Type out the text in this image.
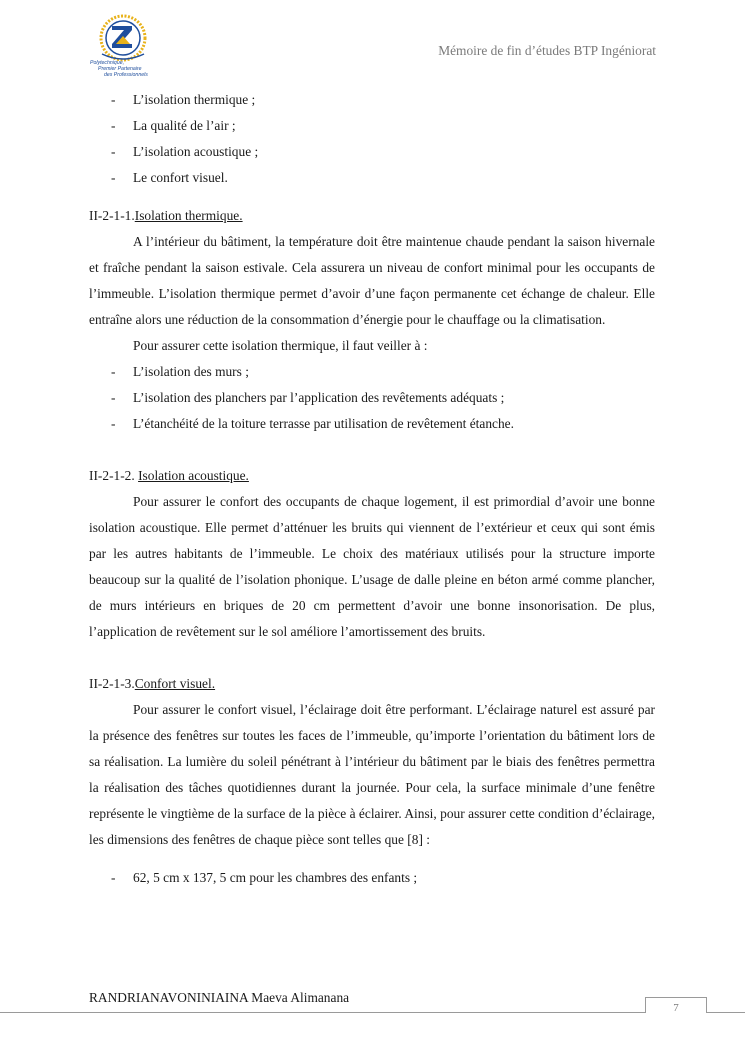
Polytechnique,
Premier Partenaire
des Professionnels
Mémoire de fin d’études BTP Ingéniorat
- L’isolation thermique ;
- La qualité de l’air ;
- L’isolation acoustique ;
- Le confort visuel.
II-2-1-1.Isolation thermique.

A l’intérieur du bâtiment, la température doit être maintenue chaude pendant la saison hivernale et fraîche pendant la saison estivale. Cela assurera un niveau de confort minimal pour les occupants de l’immeuble. L’isolation thermique permet d’avoir d’une façon permanente cet échange de chaleur. Elle entraîne alors une réduction de la consommation d’énergie pour le chauffage ou la climatisation.

Pour assurer cette isolation thermique, il faut veiller à :
- L’isolation des murs ;
- L’isolation des planchers par l’application des revêtements adéquats ;
- L’étanchéité de la toiture terrasse par utilisation de revêtement étanche.
II-2-1-2. Isolation acoustique.

Pour assurer le confort des occupants de chaque logement, il est primordial d’avoir une bonne isolation acoustique. Elle permet d’atténuer les bruits qui viennent de l’extérieur et ceux qui sont émis par les autres habitants de l’immeuble. Le choix des matériaux utilisés pour la structure importe beaucoup sur la qualité de l’isolation phonique. L’usage de dalle pleine en béton armé comme plancher, de murs intérieurs en briques de 20 cm permettent d’avoir une bonne insonorisation. De plus, l’application de revêtement sur le sol améliore l’amortissement des bruits.

II-2-1-3.Confort visuel.

Pour assurer le confort visuel, l’éclairage doit être performant. L’éclairage naturel est assuré par la présence des fenêtres sur toutes les faces de l’immeuble, qu’importe l’orientation du bâtiment lors de sa réalisation. La lumière du soleil pénétrant à l’intérieur du bâtiment par le biais des fenêtres permettra la réalisation des tâches quotidiennes durant la journée. Pour cela, la surface minimale d’une fenêtre représente le vingtième de la surface de la pièce à éclairer. Ainsi, pour assurer cette condition d’éclairage, les dimensions des fenêtres de chaque pièce sont telles que [8] :

- 62, 5 cm x 137, 5 cm pour les chambres des enfants ;
RANDRIANAVONINIAINA Maeva Alimanana
7
